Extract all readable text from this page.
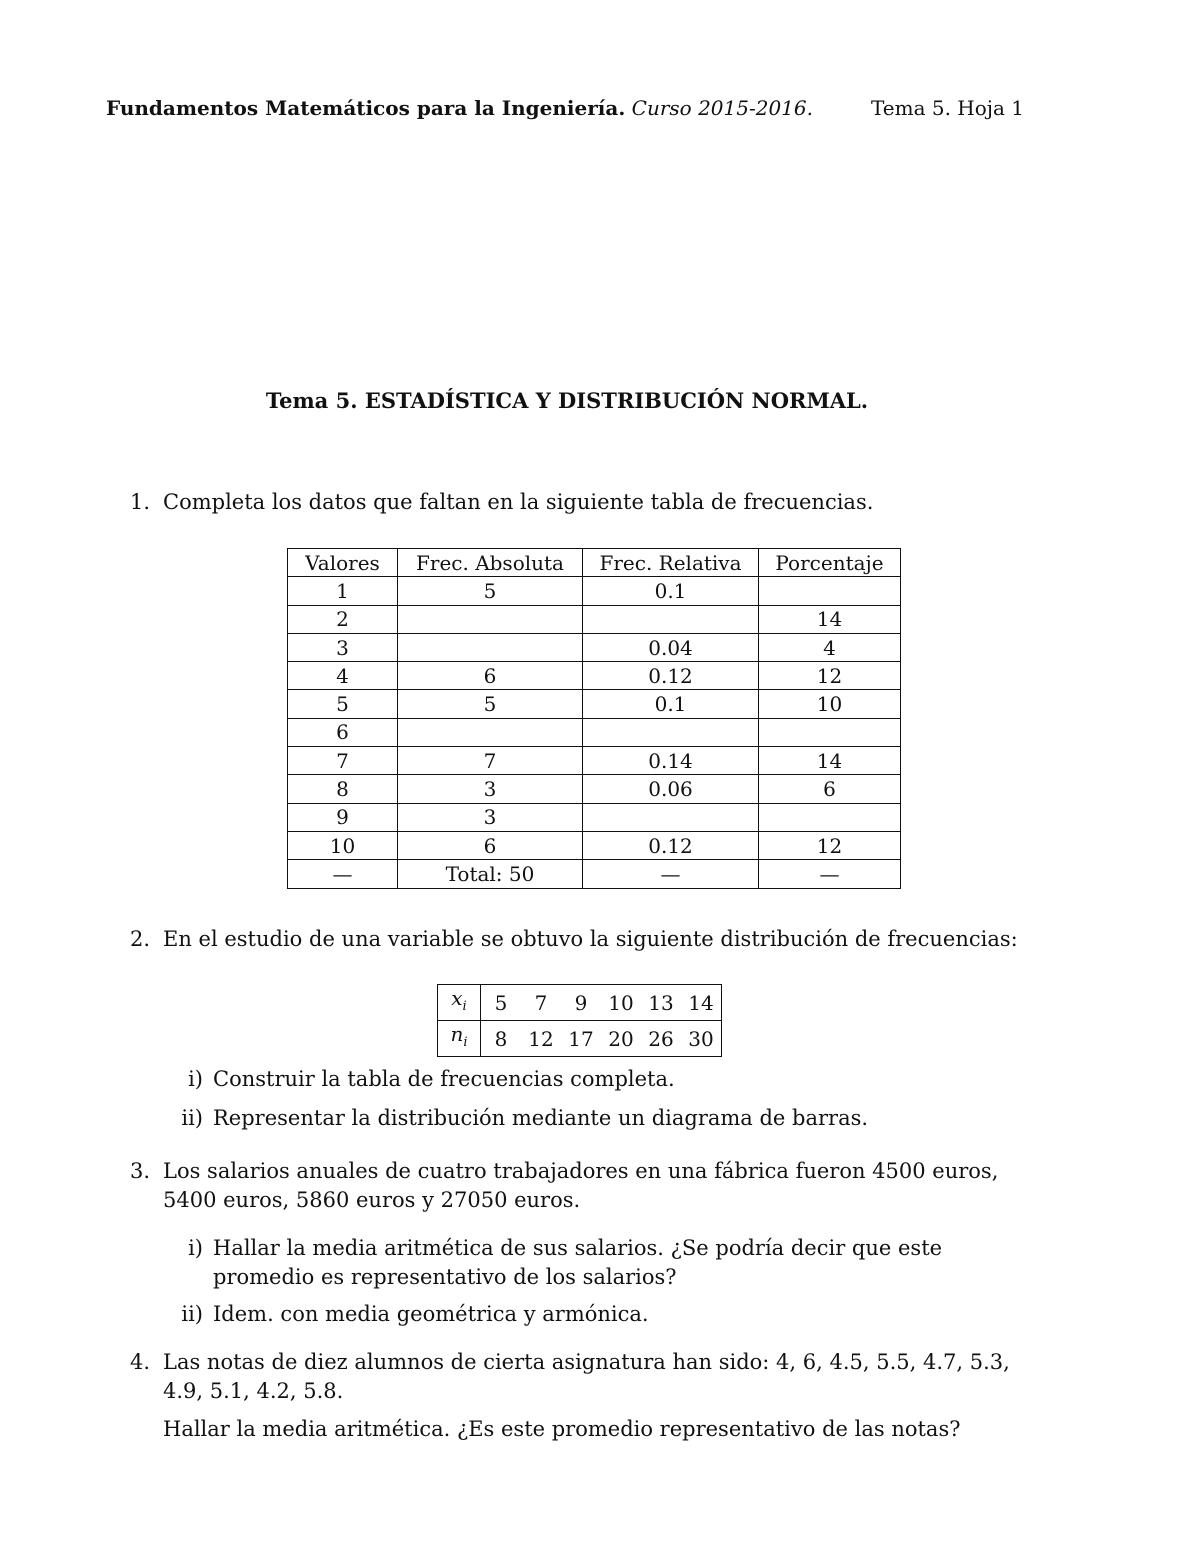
Fundamentos Matemáticos para la Ingeniería. Curso 2015-2016.	Tema 5. Hoja 1
Tema 5. ESTADÍSTICA Y DISTRIBUCIÓN NORMAL.
1. Completa los datos que faltan en la siguiente tabla de frecuencias.
Valores	Frec. Absoluta	Frec. Relativa	Porcentaje
1	5	0.1	
2			14
3		0.04	4
4	6	0.12	12
5	5	0.1	10
6			
7	7	0.14	14
8	3	0.06	6
9	3		
10	6	0.12	12
—	Total: 50	—	—
2. En el estudio de una variable se obtuvo la siguiente distribución de frecuencias:
$x_i$	5	7	9	10	13	14
$n_i$	8	12	17	20	26	30
i) Construir la tabla de frecuencias completa.
ii) Representar la distribución mediante un diagrama de barras.
3. Los salarios anuales de cuatro trabajadores en una fábrica fueron 4500 euros, 5400 euros, 5860 euros y 27050 euros.
i) Hallar la media aritmética de sus salarios. ¿Se podría decir que este promedio es representativo de los salarios?
ii) Idem. con media geométrica y armónica.
4. Las notas de diez alumnos de cierta asignatura han sido: 4, 6, 4.5, 5.5, 4.7, 5.3, 4.9, 5.1, 4.2, 5.8.
Hallar la media aritmética. ¿Es este promedio representativo de las notas?
